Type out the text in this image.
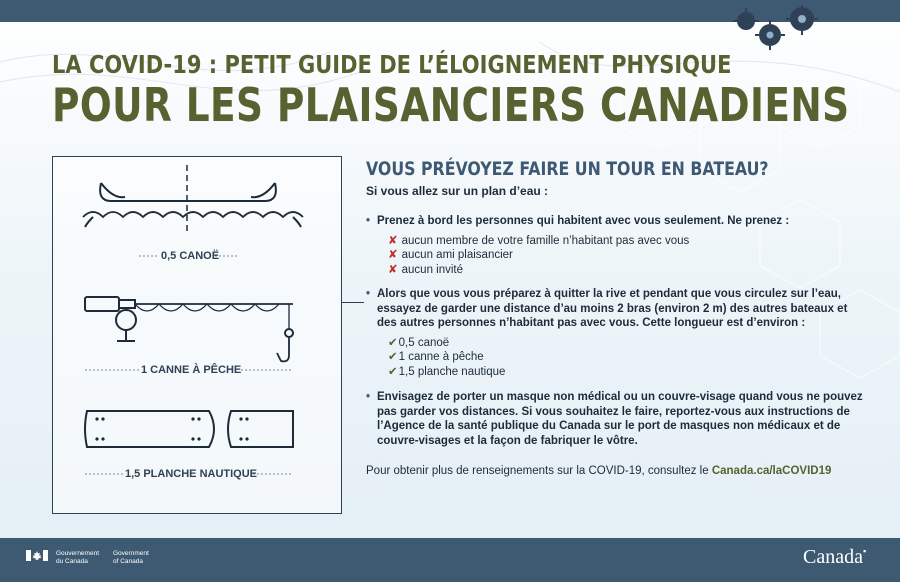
LA COVID-19 : PETIT GUIDE DE L’ÉLOIGNEMENT PHYSIQUE
POUR LES PLAISANCIERS CANADIENS
0,5 CANOË
1 CANNE À PÊCHE
1,5 PLANCHE NAUTIQUE
VOUS PRÉVOYEZ FAIRE UN TOUR EN BATEAU?
Si vous allez sur un plan d’eau :
• Prenez à bord les personnes qui habitent avec vous seulement. Ne prenez :
✘ aucun membre de votre famille n’habitant pas avec vous
✘ aucun ami plaisancier
✘ aucun invité
• Alors que vous vous préparez à quitter la rive et pendant que vous circulez sur l’eau, essayez de garder une distance d’au moins 2 bras (environ 2 m) des autres bateaux et des autres personnes n’habitant pas avec vous. Cette longueur est d’environ :
✔0,5 canoë
✔1 canne à pêche
✔1,5 planche nautique
• Envisagez de porter un masque non médical ou un couvre-visage quand vous ne pouvez pas garder vos distances. Si vous souhaitez le faire, reportez-vous aux instructions de l’Agence de la santé publique du Canada sur le port de masques non médicaux et de couvre-visages et la façon de fabriquer le vôtre.
Pour obtenir plus de renseignements sur la COVID-19, consultez le Canada.ca/laCOVID19
Gouvernement
du Canada
Government
of Canada	Canada▪
